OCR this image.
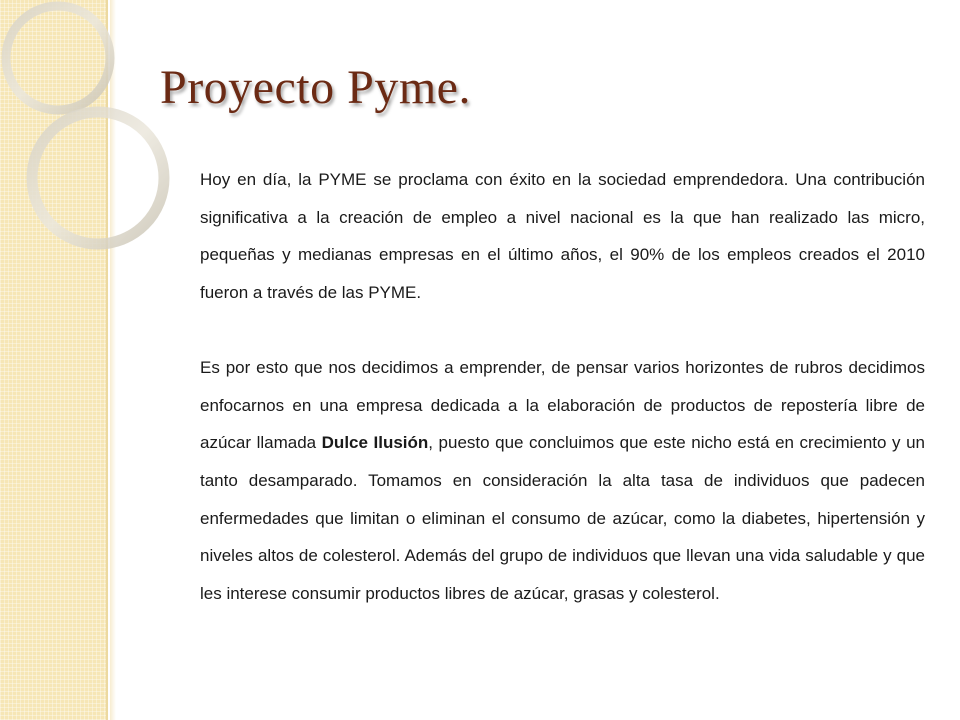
Proyecto Pyme.

Hoy en día, la PYME se proclama con éxito en la sociedad emprendedora. Una contribución significativa a la creación de empleo a nivel nacional es la que han realizado las micro, pequeñas y medianas empresas en el último años, el 90% de los empleos creados el 2010 fueron a través de las PYME.

Es por esto que nos decidimos a emprender, de pensar varios horizontes de rubros decidimos enfocarnos en una empresa dedicada a la elaboración de productos de repostería libre de azúcar llamada Dulce Ilusión, puesto que concluimos que este nicho está en crecimiento y un tanto desamparado. Tomamos en consideración la alta tasa de individuos que padecen enfermedades que limitan o eliminan el consumo de azúcar, como la diabetes, hipertensión y niveles altos de colesterol. Además del grupo de individuos que llevan una vida saludable y que les interese consumir productos libres de azúcar, grasas y colesterol.
